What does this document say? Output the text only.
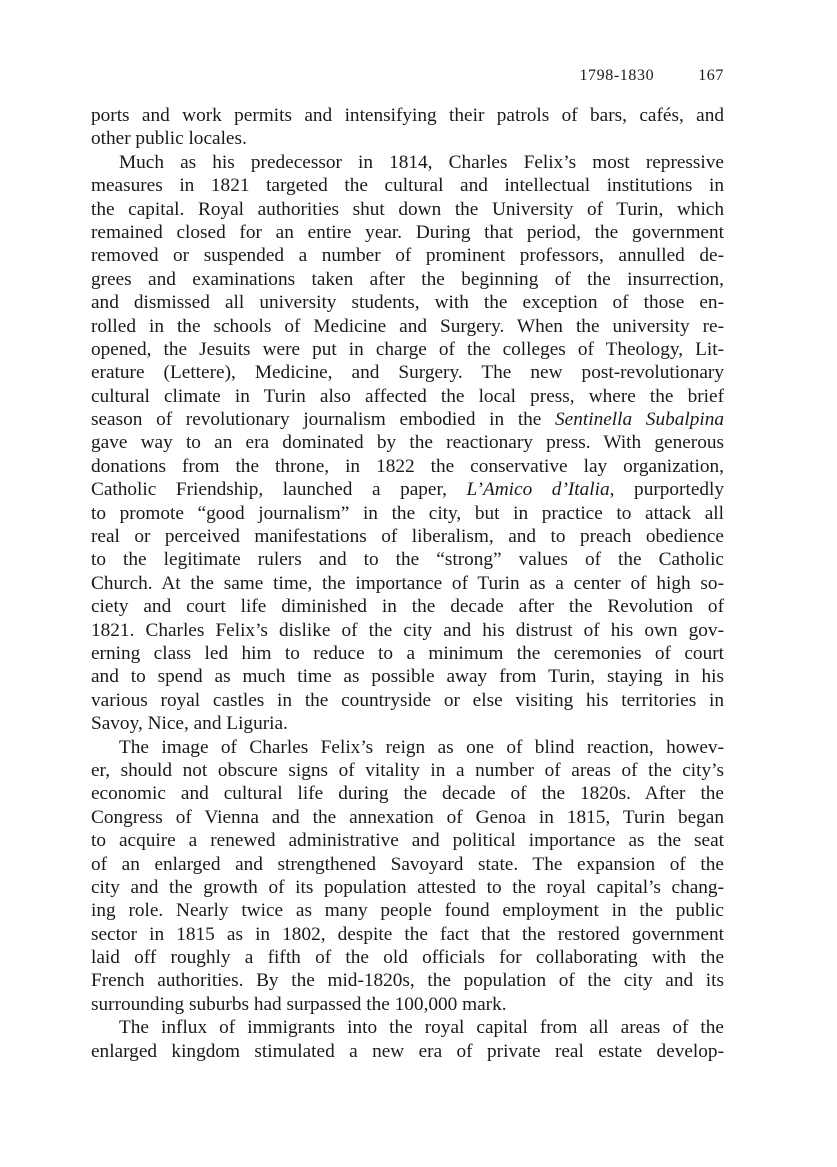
1798-1830	167
ports and work permits and intensifying their patrols of bars, cafés, and
other public locales.
Much as his predecessor in 1814, Charles Felix’s most repressive
measures in 1821 targeted the cultural and intellectual institutions in
the capital. Royal authorities shut down the University of Turin, which
remained closed for an entire year. During that period, the government
removed or suspended a number of prominent professors, annulled de-
grees and examinations taken after the beginning of the insurrection,
and dismissed all university students, with the exception of those en-
rolled in the schools of Medicine and Surgery. When the university re-
opened, the Jesuits were put in charge of the colleges of Theology, Lit-
erature (Lettere), Medicine, and Surgery. The new post-revolutionary
cultural climate in Turin also affected the local press, where the brief
season of revolutionary journalism embodied in the Sentinella Subalpina
gave way to an era dominated by the reactionary press. With generous
donations from the throne, in 1822 the conservative lay organization,
Catholic Friendship, launched a paper, L’Amico d’Italia, purportedly
to promote “good journalism” in the city, but in practice to attack all
real or perceived manifestations of liberalism, and to preach obedience
to the legitimate rulers and to the “strong” values of the Catholic
Church. At the same time, the importance of Turin as a center of high so-
ciety and court life diminished in the decade after the Revolution of
1821. Charles Felix’s dislike of the city and his distrust of his own gov-
erning class led him to reduce to a minimum the ceremonies of court
and to spend as much time as possible away from Turin, staying in his
various royal castles in the countryside or else visiting his territories in
Savoy, Nice, and Liguria.
The image of Charles Felix’s reign as one of blind reaction, howev-
er, should not obscure signs of vitality in a number of areas of the city’s
economic and cultural life during the decade of the 1820s. After the
Congress of Vienna and the annexation of Genoa in 1815, Turin began
to acquire a renewed administrative and political importance as the seat
of an enlarged and strengthened Savoyard state. The expansion of the
city and the growth of its population attested to the royal capital’s chang-
ing role. Nearly twice as many people found employment in the public
sector in 1815 as in 1802, despite the fact that the restored government
laid off roughly a fifth of the old officials for collaborating with the
French authorities. By the mid-1820s, the population of the city and its
surrounding suburbs had surpassed the 100,000 mark.
The influx of immigrants into the royal capital from all areas of the
enlarged kingdom stimulated a new era of private real estate develop-
